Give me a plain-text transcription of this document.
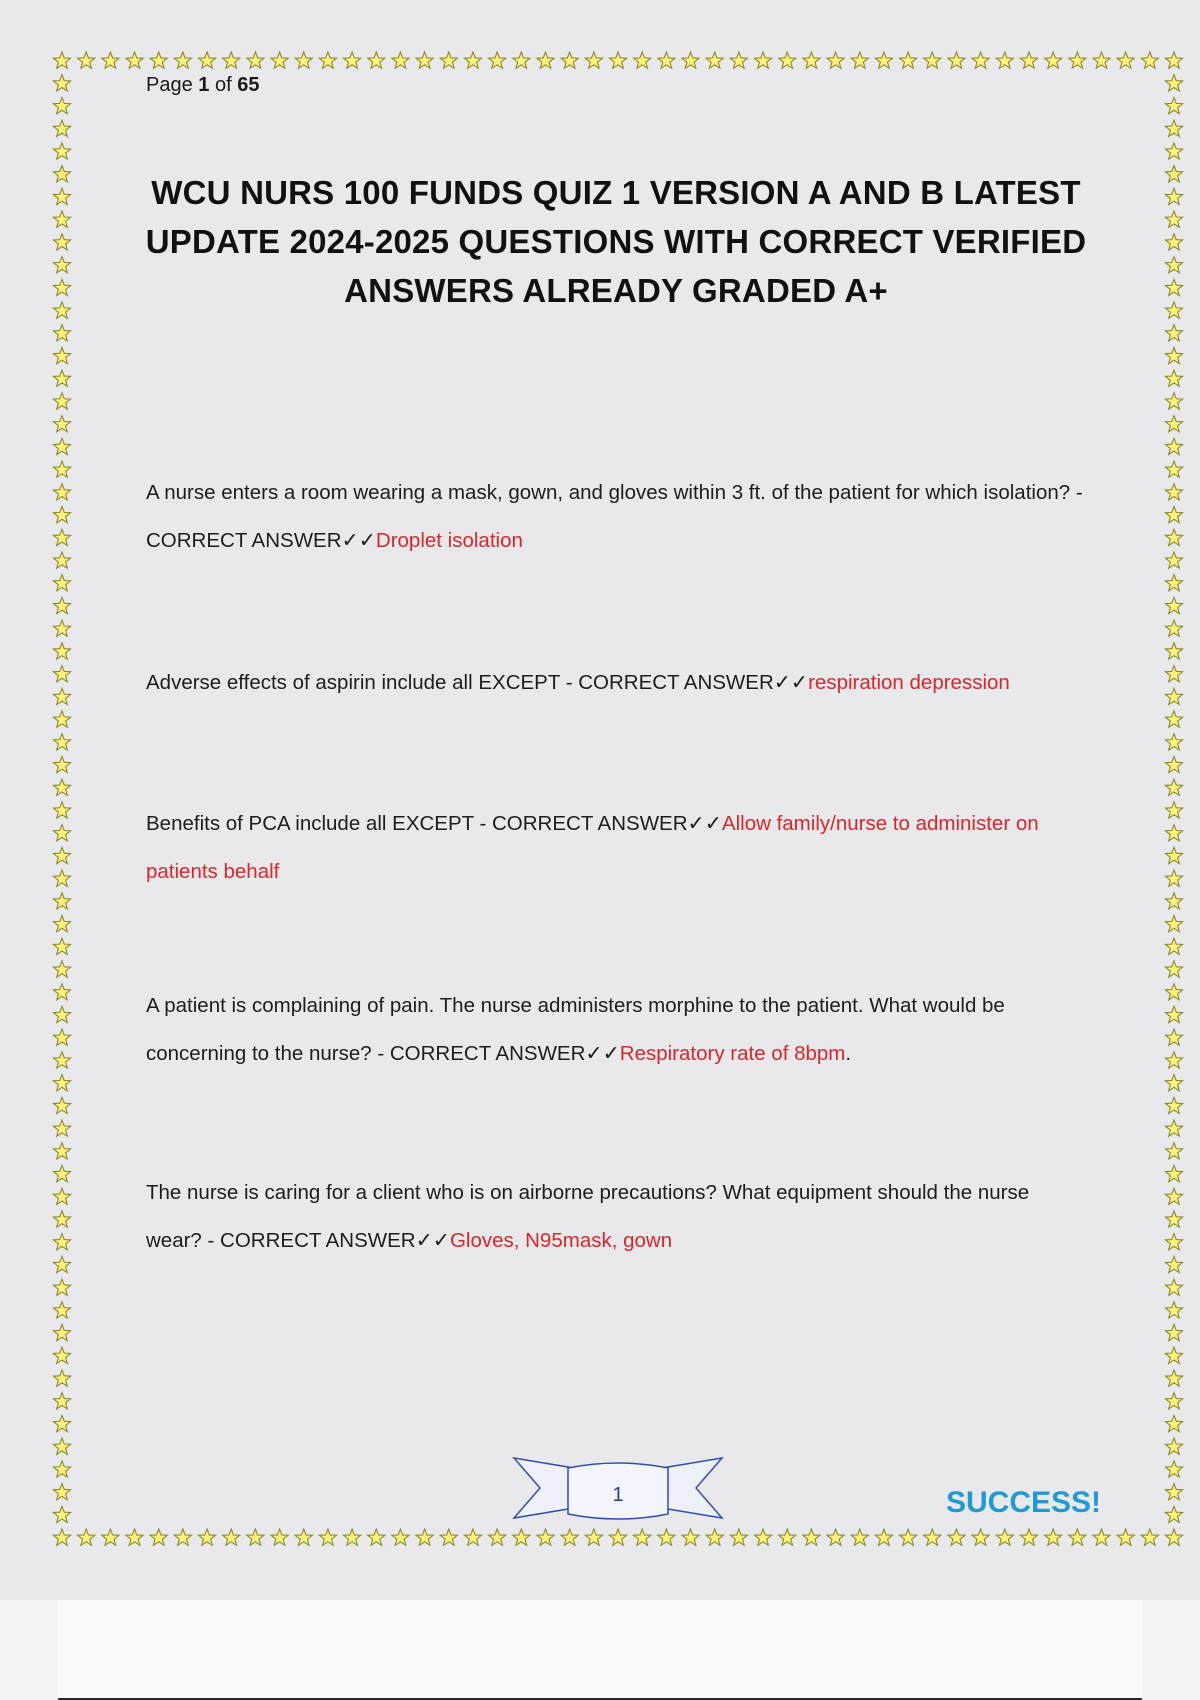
Page 1 of 65
WCU NURS 100 FUNDS QUIZ 1 VERSION A AND B LATEST UPDATE 2024-2025 QUESTIONS WITH CORRECT VERIFIED ANSWERS ALREADY GRADED A+

A nurse enters a room wearing a mask, gown, and gloves within 3 ft. of the patient for which isolation? - CORRECT ANSWER✓✓Droplet isolation

Adverse effects of aspirin include all EXCEPT - CORRECT ANSWER✓✓respiration depression

Benefits of PCA include all EXCEPT - CORRECT ANSWER✓✓Allow family/nurse to administer on patients behalf

A patient is complaining of pain. The nurse administers morphine to the patient. What would be concerning to the nurse? - CORRECT ANSWER✓✓Respiratory rate of 8bpm.

The nurse is caring for a client who is on airborne precautions? What equipment should the nurse wear? - CORRECT ANSWER✓✓Gloves, N95mask, gown

1	SUCCESS!
